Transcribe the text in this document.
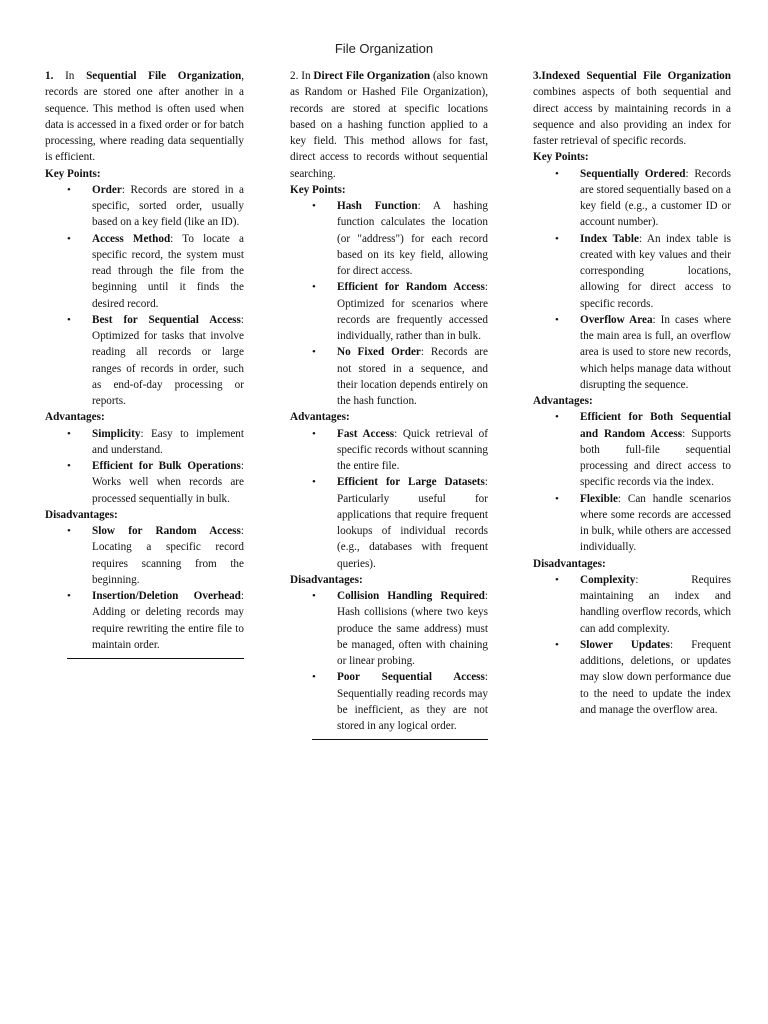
File Organization

1. In Sequential File Organization, records are stored one after another in a sequence. This method is often used when data is accessed in a fixed order or for batch processing, where reading data sequentially is efficient.

Key Points:

• Order: Records are stored in a specific, sorted order, usually based on a key field (like an ID).
• Access Method: To locate a specific record, the system must read through the file from the beginning until it finds the desired record.
• Best for Sequential Access: Optimized for tasks that involve reading all records or large ranges of records in order, such as end-of-day processing or reports.

Advantages:

• Simplicity: Easy to implement and understand.
• Efficient for Bulk Operations: Works well when records are processed sequentially in bulk.

Disadvantages:

• Slow for Random Access: Locating a specific record requires scanning from the beginning.
• Insertion/Deletion Overhead: Adding or deleting records may require rewriting the entire file to maintain order.

2. In Direct File Organization (also known as Random or Hashed File Organization), records are stored at specific locations based on a hashing function applied to a key field. This method allows for fast, direct access to records without sequential searching.

Key Points:

• Hash Function: A hashing function calculates the location (or "address") for each record based on its key field, allowing for direct access.
• Efficient for Random Access: Optimized for scenarios where records are frequently accessed individually, rather than in bulk.
• No Fixed Order: Records are not stored in a sequence, and their location depends entirely on the hash function.

Advantages:

• Fast Access: Quick retrieval of specific records without scanning the entire file.
• Efficient for Large Datasets: Particularly useful for applications that require frequent lookups of individual records (e.g., databases with frequent queries).

Disadvantages:

• Collision Handling Required: Hash collisions (where two keys produce the same address) must be managed, often with chaining or linear probing.
• Poor Sequential Access: Sequentially reading records may be inefficient, as they are not stored in any logical order.

3.Indexed Sequential File Organization combines aspects of both sequential and direct access by maintaining records in a sequence and also providing an index for faster retrieval of specific records.

Key Points:

• Sequentially Ordered: Records are stored sequentially based on a key field (e.g., a customer ID or account number).
• Index Table: An index table is created with key values and their corresponding locations, allowing for direct access to specific records.
• Overflow Area: In cases where the main area is full, an overflow area is used to store new records, which helps manage data without disrupting the sequence.

Advantages:

• Efficient for Both Sequential and Random Access: Supports both full-file sequential processing and direct access to specific records via the index.
• Flexible: Can handle scenarios where some records are accessed in bulk, while others are accessed individually.

Disadvantages:

• Complexity: Requires maintaining an index and handling overflow records, which can add complexity.
• Slower Updates: Frequent additions, deletions, or updates may slow down performance due to the need to update the index and manage the overflow area.
